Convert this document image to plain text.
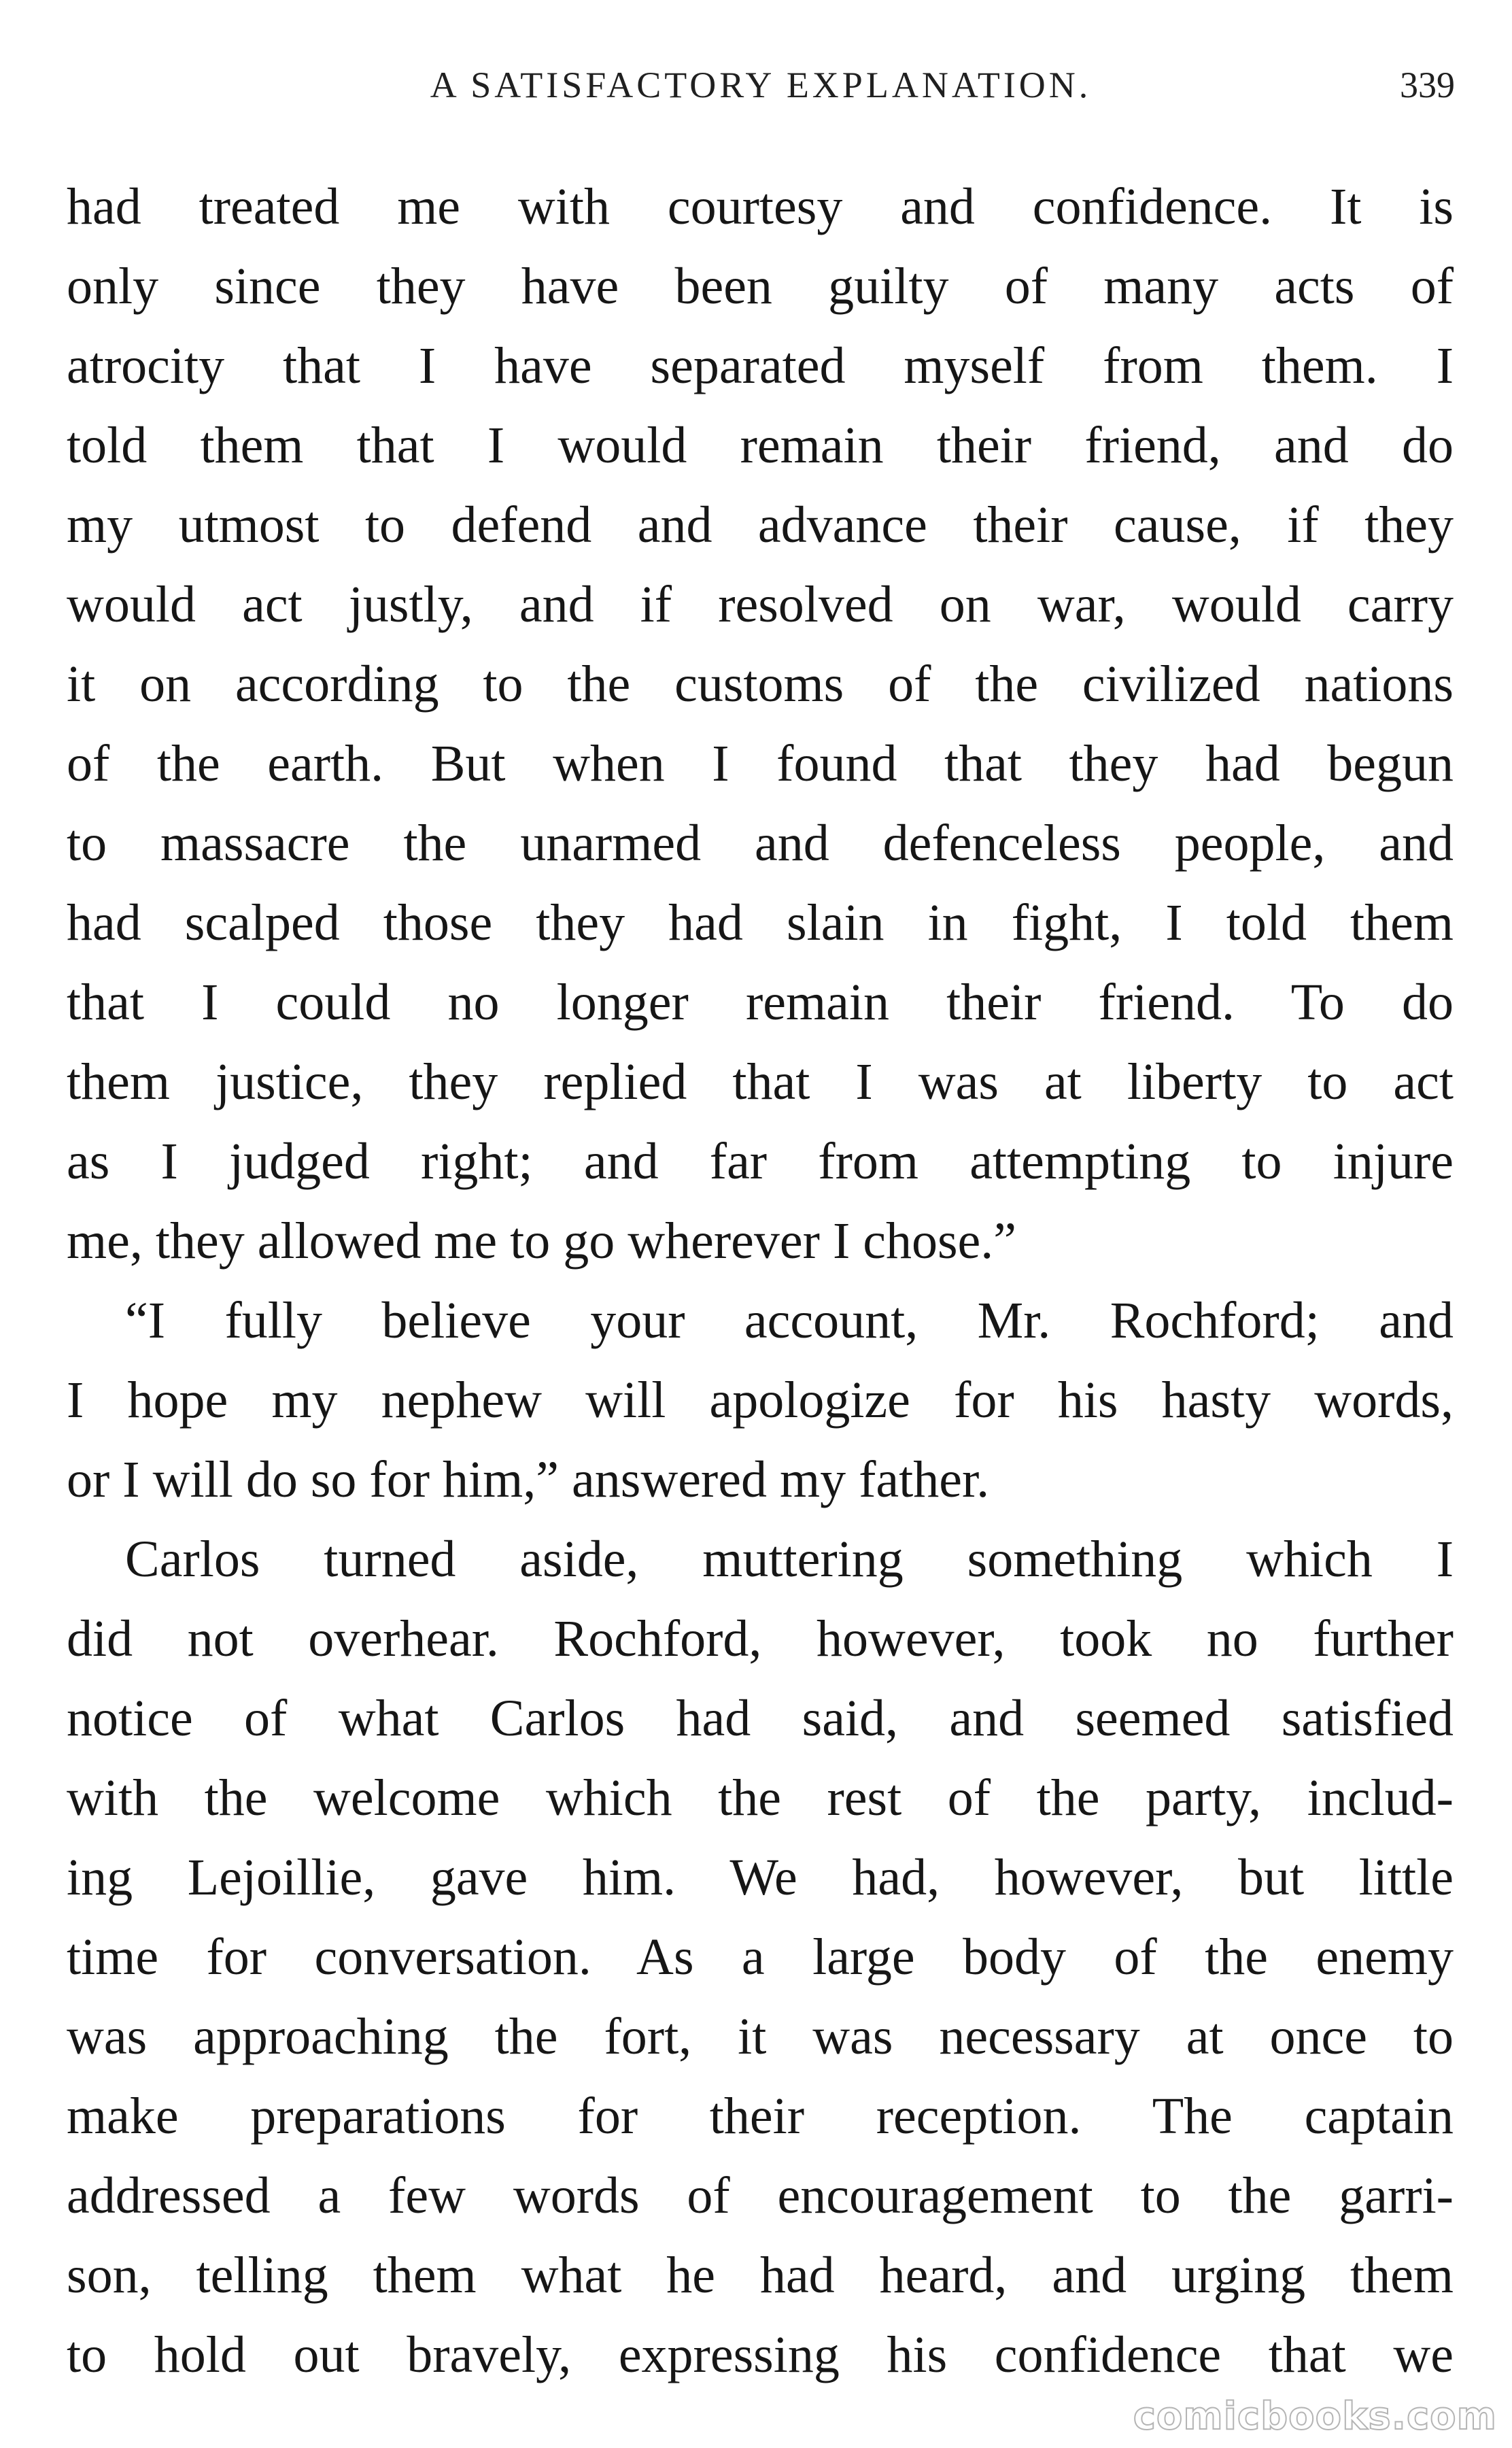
A SATISFACTORY EXPLANATION.	339
had treated me with courtesy and confidence. It is
only since they have been guilty of many acts of
atrocity that I have separated myself from them. I
told them that I would remain their friend, and do
my utmost to defend and advance their cause, if they
would act justly, and if resolved on war, would carry
it on according to the customs of the civilized nations
of the earth. But when I found that they had begun
to massacre the unarmed and defenceless people, and
had scalped those they had slain in fight, I told them
that I could no longer remain their friend. To do
them justice, they replied that I was at liberty to act
as I judged right; and far from attempting to injure
me, they allowed me to go wherever I chose.”
“I fully believe your account, Mr. Rochford; and
I hope my nephew will apologize for his hasty words,
or I will do so for him,” answered my father.
Carlos turned aside, muttering something which I
did not overhear. Rochford, however, took no further
notice of what Carlos had said, and seemed satisfied
with the welcome which the rest of the party, includ-
ing Lejoillie, gave him. We had, however, but little
time for conversation. As a large body of the enemy
was approaching the fort, it was necessary at once to
make preparations for their reception. The captain
addressed a few words of encouragement to the garri-
son, telling them what he had heard, and urging them
to hold out bravely, expressing his confidence that we
comicbooks.com
